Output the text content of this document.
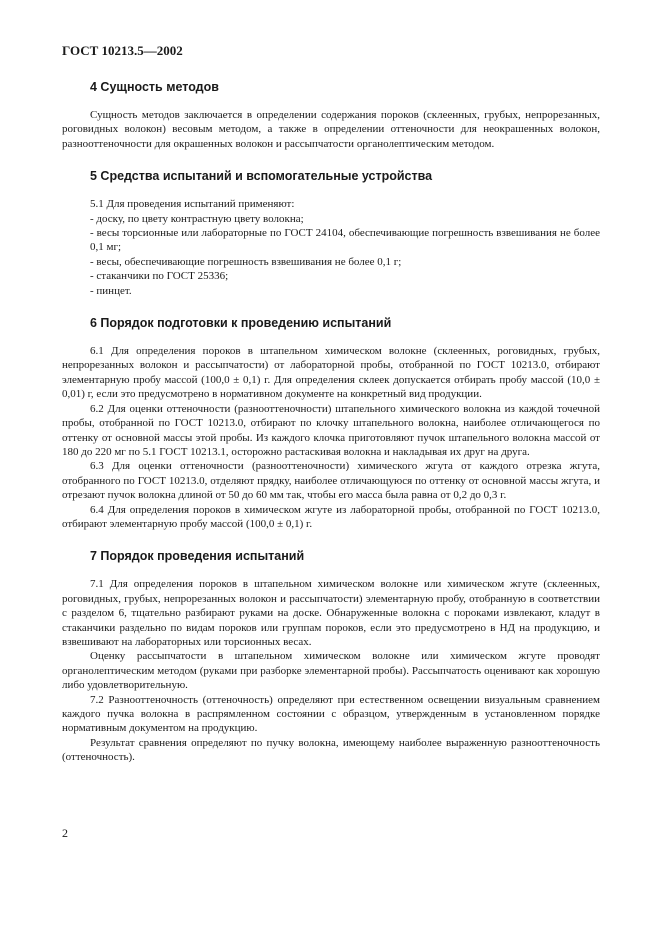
ГОСТ 10213.5—2002
4 Сущность методов

Сущность методов заключается в определении содержания пороков (склеенных, грубых, непрорезанных, роговидных волокон) весовым методом, а также в определении оттеночности для неокрашенных волокон, разнооттеночности для окрашенных волокон и рассыпчатости органолептическим методом.

5 Средства испытаний и вспомогательные устройства

5.1 Для проведения испытаний применяют:

- доску, по цвету контрастную цвету волокна;

- весы торсионные или лабораторные по ГОСТ 24104, обеспечивающие погрешность взвешивания не более 0,1 мг;

- весы, обеспечивающие погрешность взвешивания не более 0,1 г;

- стаканчики по ГОСТ 25336;

- пинцет.

6 Порядок подготовки к проведению испытаний

6.1 Для определения пороков в штапельном химическом волокне (склеенных, роговидных, грубых, непрорезанных волокон и рассыпчатости) от лабораторной пробы, отобранной по ГОСТ 10213.0, отбирают элементарную пробу массой (100,0 ± 0,1) г. Для определения склеек допускается отбирать пробу массой (10,0 ± 0,01) г, если это предусмотрено в нормативном документе на конкретный вид продукции.

6.2 Для оценки оттеночности (разнооттеночности) штапельного химического волокна из каждой точечной пробы, отобранной по ГОСТ 10213.0, отбирают по клочку штапельного волокна, наиболее отличающегося по оттенку от основной массы этой пробы. Из каждого клочка приготовляют пучок штапельного волокна массой от 180 до 220 мг по 5.1 ГОСТ 10213.1, осторожно растаскивая волокна и накладывая их друг на друга.

6.3 Для оценки оттеночности (разнооттеночности) химического жгута от каждого отрезка жгута, отобранного по ГОСТ 10213.0, отделяют прядку, наиболее отличающуюся по оттенку от основной массы жгута, и отрезают пучок волокна длиной от 50 до 60 мм так, чтобы его масса была равна от 0,2 до 0,3 г.

6.4 Для определения пороков в химическом жгуте из лабораторной пробы, отобранной по ГОСТ 10213.0, отбирают элементарную пробу массой (100,0 ± 0,1) г.

7 Порядок проведения испытаний

7.1 Для определения пороков в штапельном химическом волокне или химическом жгуте (склеенных, роговидных, грубых, непрорезанных волокон и рассыпчатости) элементарную пробу, отобранную в соответствии с разделом 6, тщательно разбирают руками на доске. Обнаруженные волокна с пороками извлекают, кладут в стаканчики раздельно по видам пороков или группам пороков, если это предусмотрено в НД на продукцию, и взвешивают на лабораторных или торсионных весах.

Оценку рассыпчатости в штапельном химическом волокне или химическом жгуте проводят органолептическим методом (руками при разборке элементарной пробы). Рассыпчатость оценивают как хорошую либо удовлетворительную.

7.2 Разнооттеночность (оттеночность) определяют при естественном освещении визуальным сравнением каждого пучка волокна в распрямленном состоянии с образцом, утвержденным в установленном порядке нормативным документом на продукцию.

Результат сравнения определяют по пучку волокна, имеющему наиболее выраженную разнооттеночность (оттеночность).

2
